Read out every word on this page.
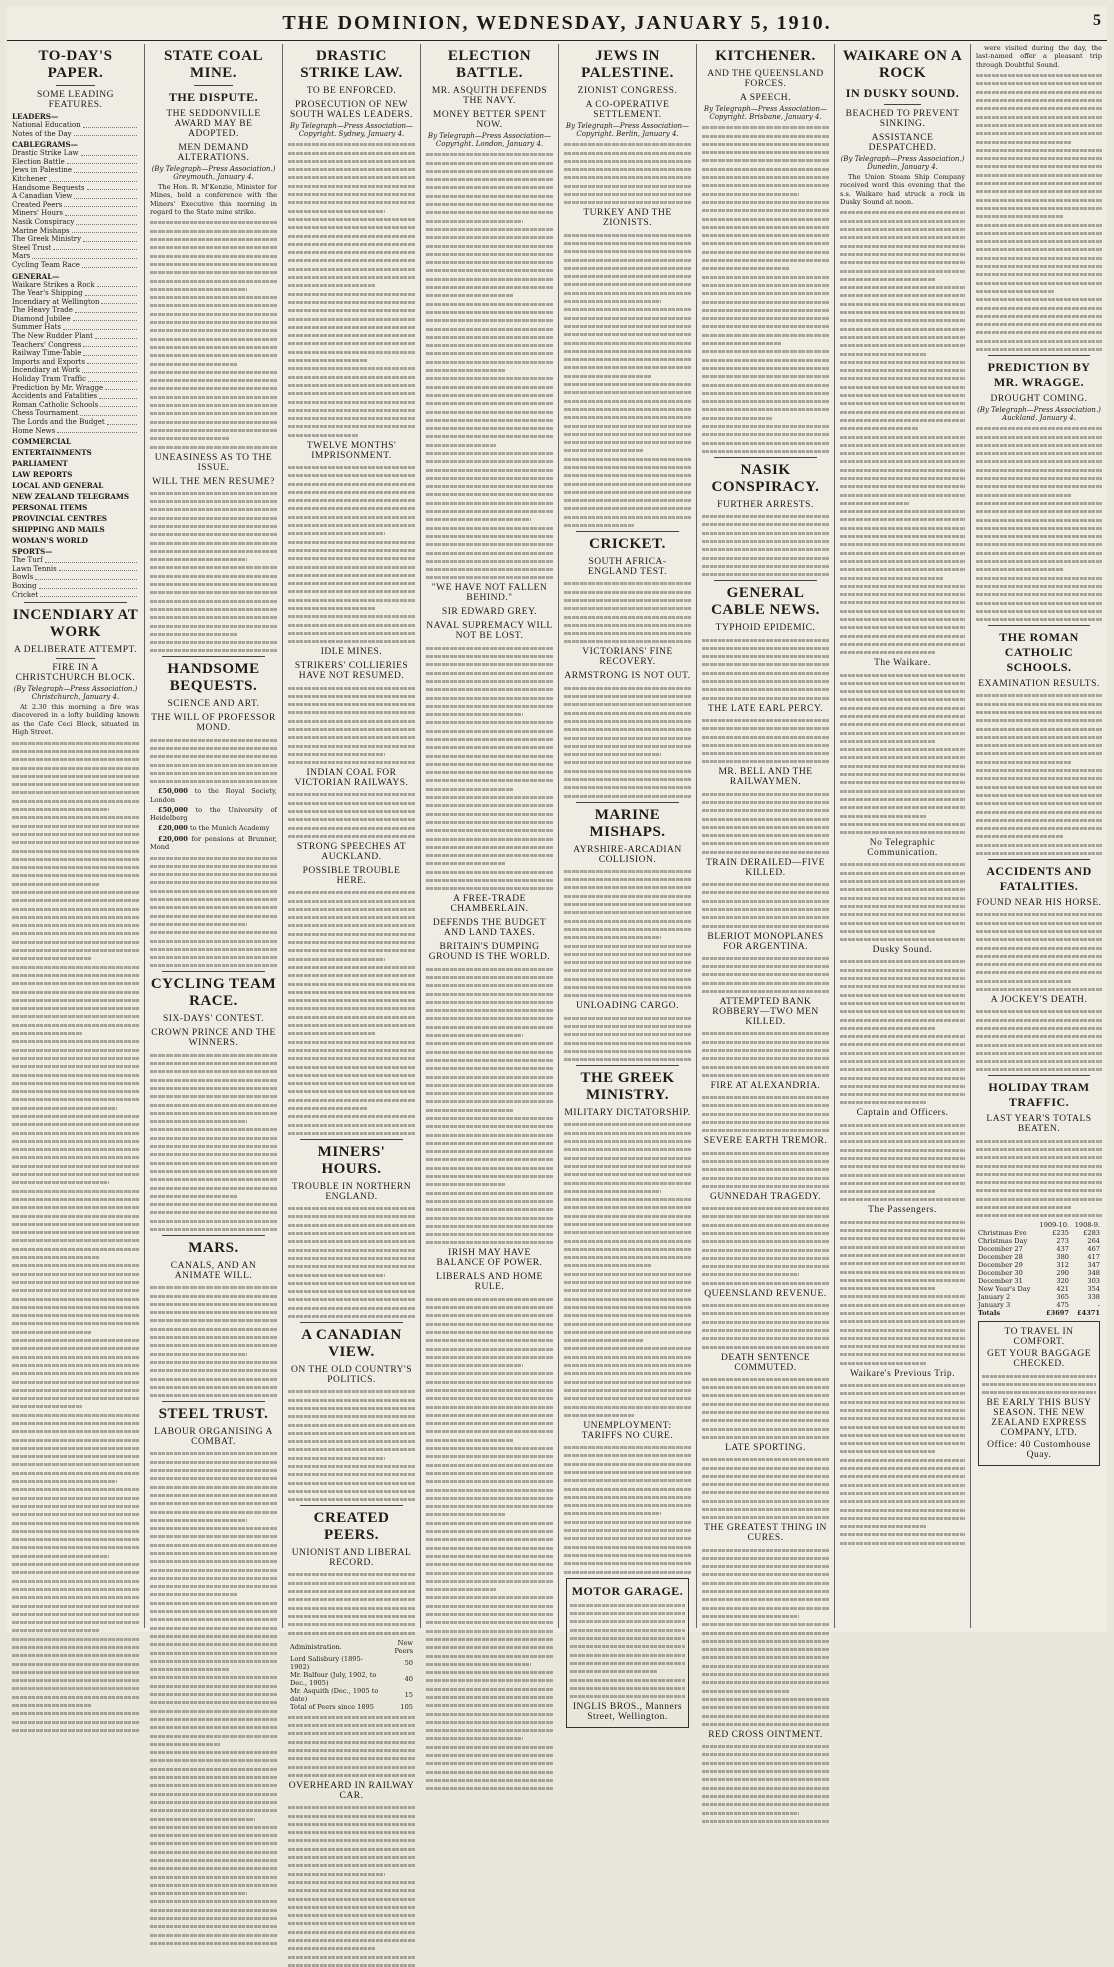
THE DOMINION, WEDNESDAY, JANUARY 5, 1910.	5
TO-DAY'S PAPER.
SOME LEADING FEATURES.
LEADERS—
National Education
Notes of the Day
CABLEGRAMS—
Drastic Strike Law
Election Battle
Jews in Palestine
Kitchener
Handsome Bequests
A Canadian View
Created Peers
Miners' Hours
Nasik Conspiracy
Marine Mishaps
The Greek Ministry
Steel Trust
Mars
Cycling Team Race
GENERAL—
Waikare Strikes a Rock
The Year's Shipping
Incendiary at Wellington
The Heavy Trade
Diamond Jubilee
Summer Hats
The New Rudder Plant
Teachers' Congress
Railway Time-Table
Imports and Exports
Incendiary at Work
Holiday Tram Traffic
Prediction by Mr. Wragge
Accidents and Fatalities
Roman Catholic Schools
Chess Tournament
The Lords and the Budget
Home News
COMMERCIAL
ENTERTAINMENTS
PARLIAMENT
LAW REPORTS
LOCAL AND GENERAL
NEW ZEALAND TELEGRAMS
PERSONAL ITEMS
PROVINCIAL CENTRES
SHIPPING AND MAILS
WOMAN'S WORLD
SPORTS—
The Turf
Lawn Tennis
Bowls
Boxing
Cricket
INCENDIARY AT WORK
A DELIBERATE ATTEMPT.
FIRE IN A CHRISTCHURCH BLOCK.
(By Telegraph—Press Association.) Christchurch, January 4.

At 2.30 this morning a fire was discovered in a lofty building known as the Cafe Ceci Block, situated in High Street.

STATE COAL MINE.
THE DISPUTE.
THE SEDDONVILLE AWARD MAY BE ADOPTED.
MEN DEMAND ALTERATIONS.
(By Telegraph—Press Association.) Greymouth, January 4.

The Hon. R. M'Kenzie, Minister for Mines, held a conference with the Miners' Executive this morning in regard to the State mine strike.

UNEASINESS AS TO THE ISSUE.
WILL THE MEN RESUME?
HANDSOME BEQUESTS.
SCIENCE AND ART.
THE WILL OF PROFESSOR MOND.
£50,000 to the Royal Society, London
£50,000 to the University of Heidelberg
£20,000 to the Munich Academy
£20,000 for pensions at Brunner, Mond
CYCLING TEAM RACE.
SIX-DAYS' CONTEST.
CROWN PRINCE AND THE WINNERS.
MARS.
CANALS, AND AN ANIMATE WILL.
STEEL TRUST.
LABOUR ORGANISING A COMBAT.
DRASTIC STRIKE LAW.
TO BE ENFORCED.
PROSECUTION OF NEW SOUTH WALES LEADERS.
By Telegraph—Press Association—Copyright. Sydney, January 4.
TWELVE MONTHS' IMPRISONMENT.
IDLE MINES.
STRIKERS' COLLIERIES HAVE NOT RESUMED.
INDIAN COAL FOR VICTORIAN RAILWAYS.
STRONG SPEECHES AT AUCKLAND.
POSSIBLE TROUBLE HERE.
MINERS' HOURS.
TROUBLE IN NORTHERN ENGLAND.
A CANADIAN VIEW.
ON THE OLD COUNTRY'S POLITICS.
CREATED PEERS.
UNIONIST AND LIBERAL RECORD.
Administration.	New Peers
Lord Salisbury (1895-1902)	50
Mr. Balfour (July, 1902, to Dec., 1905)	40
Mr. Asquith (Dec., 1905 to date)	15
Total of Peers since 1895	105
OVERHEARD IN RAILWAY CAR.
ELECTION BATTLE.
MR. ASQUITH DEFENDS THE NAVY.
MONEY BETTER SPENT NOW.
By Telegraph—Press Association—Copyright. London, January 4.
"WE HAVE NOT FALLEN BEHIND."
SIR EDWARD GREY.
NAVAL SUPREMACY WILL NOT BE LOST.
A FREE-TRADE CHAMBERLAIN.
DEFENDS THE BUDGET AND LAND TAXES.
BRITAIN'S DUMPING GROUND IS THE WORLD.
IRISH MAY HAVE BALANCE OF POWER.
LIBERALS AND HOME RULE.
JEWS IN PALESTINE.
ZIONIST CONGRESS.
A CO-OPERATIVE SETTLEMENT.
By Telegraph—Press Association—Copyright. Berlin, January 4.
TURKEY AND THE ZIONISTS.
CRICKET.
SOUTH AFRICA-ENGLAND TEST.
VICTORIANS' FINE RECOVERY.
ARMSTRONG IS NOT OUT.
MARINE MISHAPS.
AYRSHIRE-ARCADIAN COLLISION.
UNLOADING CARGO.
THE GREEK MINISTRY.
MILITARY DICTATORSHIP.
UNEMPLOYMENT: TARIFFS NO CURE.
MOTOR GARAGE.
INGLIS BROS., Manners Street, Wellington.
KITCHENER.
AND THE QUEENSLAND FORCES.
A SPEECH.
By Telegraph—Press Association—Copyright. Brisbane, January 4.
NASIK CONSPIRACY.
FURTHER ARRESTS.
GENERAL CABLE NEWS.
TYPHOID EPIDEMIC.
THE LATE EARL PERCY.
MR. BELL AND THE RAILWAYMEN.
TRAIN DERAILED—FIVE KILLED.
BLERIOT MONOPLANES FOR ARGENTINA.
ATTEMPTED BANK ROBBERY—TWO MEN KILLED.
FIRE AT ALEXANDRIA.
SEVERE EARTH TREMOR.
GUNNEDAH TRAGEDY.
QUEENSLAND REVENUE.
DEATH SENTENCE COMMUTED.
LATE SPORTING.
THE GREATEST THING IN CURES.
RED CROSS OINTMENT.
WAIKARE ON A ROCK
IN DUSKY SOUND.
BEACHED TO PREVENT SINKING.
ASSISTANCE DESPATCHED.
(By Telegraph—Press Association.) Dunedin, January 4.

The Union Steam Ship Company received word this evening that the s.s. Waikare had struck a rock in Dusky Sound at noon.

The Waikare.
No Telegraphic Communication.
Dusky Sound.
Captain and Officers.
The Passengers.
Waikare's Previous Trip.

were visited during the day, the last-named offer a pleasant trip through Doubtful Sound.

PREDICTION BY MR. WRAGGE.
DROUGHT COMING.
(By Telegraph—Press Association.) Auckland, January 4.
THE ROMAN CATHOLIC SCHOOLS.
EXAMINATION RESULTS.
ACCIDENTS AND FATALITIES.
FOUND NEAR HIS HORSE.
A JOCKEY'S DEATH.
HOLIDAY TRAM TRAFFIC.
LAST YEAR'S TOTALS BEATEN.
	1909-10.	1908-9.
Christmas Eve	£235	£283
Christmas Day	273	264
December 27	437	467
December 28	380	417
December 29	312	347
December 30	290	348
December 31	320	303
New Year's Day	421	354
January 2	365	338
January 3	475	-
Totals	£3697	£4371
TO TRAVEL IN COMFORT.
GET YOUR BAGGAGE CHECKED.
BE EARLY THIS BUSY SEASON. THE NEW ZEALAND EXPRESS COMPANY, LTD.
Office: 40 Customhouse Quay.
